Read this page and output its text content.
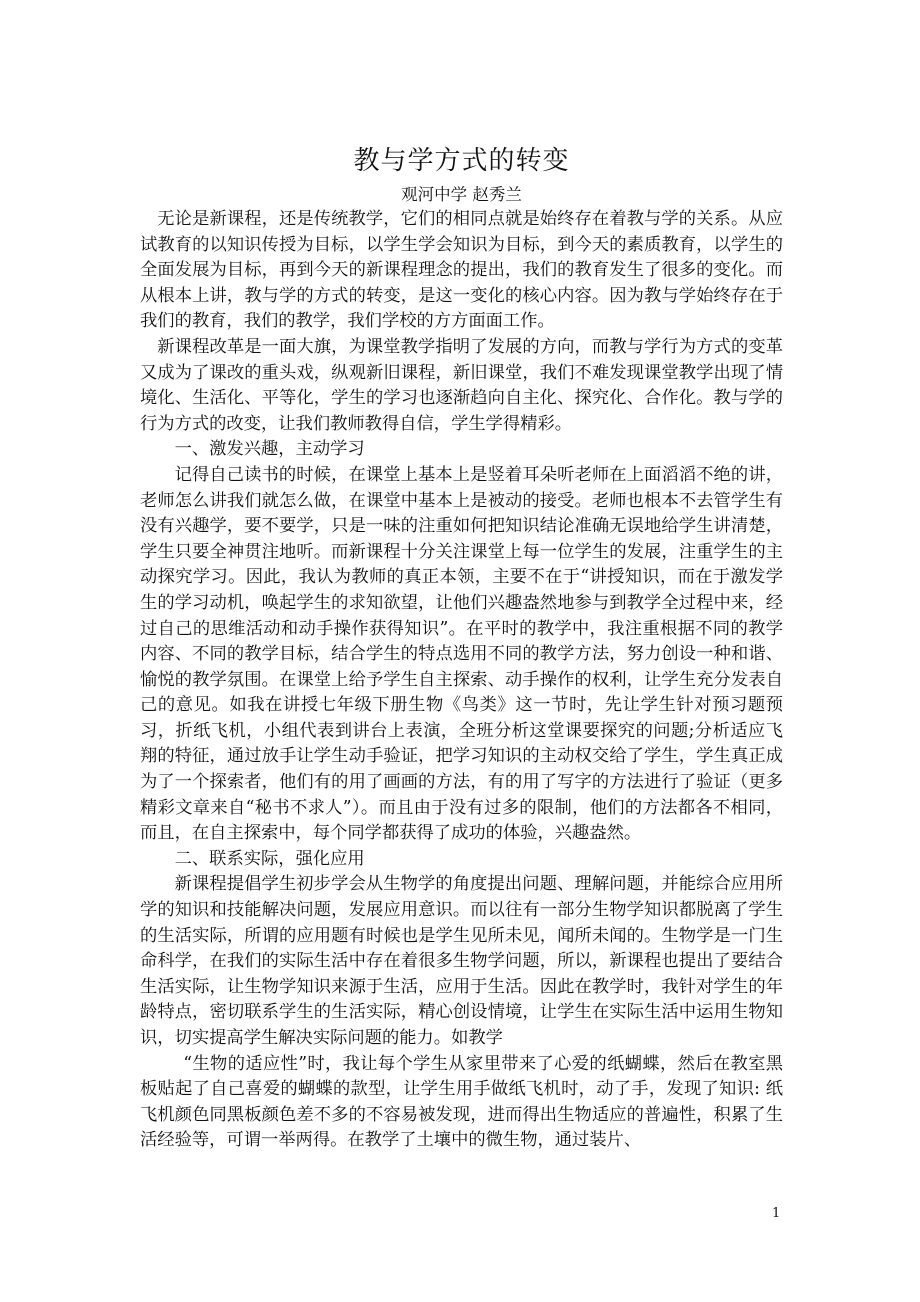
教与学方式的转变

观河中学 赵秀兰

无论是新课程，还是传统教学，它们的相同点就是始终存在着教与学的关系。从应试教育的以知识传授为目标，以学生学会知识为目标，到今天的素质教育，以学生的全面发展为目标，再到今天的新课程理念的提出，我们的教育发生了很多的变化。而从根本上讲，教与学的方式的转变，是这一变化的核心内容。因为教与学始终存在于我们的教育，我们的教学，我们学校的方方面面工作。

新课程改革是一面大旗，为课堂教学指明了发展的方向，而教与学行为方式的变革又成为了课改的重头戏，纵观新旧课程，新旧课堂，我们不难发现课堂教学出现了情境化、生活化、平等化，学生的学习也逐渐趋向自主化、探究化、合作化。教与学的行为方式的改变，让我们教师教得自信，学生学得精彩。

一、激发兴趣，主动学习

记得自己读书的时候，在课堂上基本上是竖着耳朵听老师在上面滔滔不绝的讲，老师怎么讲我们就怎么做，在课堂中基本上是被动的接受。老师也根本不去管学生有没有兴趣学，要不要学，只是一味的注重如何把知识结论准确无误地给学生讲清楚，学生只要全神贯注地听。而新课程十分关注课堂上每一位学生的发展，注重学生的主动探究学习。因此，我认为教师的真正本领，主要不在于“讲授知识，而在于激发学生的学习动机，唤起学生的求知欲望，让他们兴趣盎然地参与到教学全过程中来，经过自己的思维活动和动手操作获得知识”。在平时的教学中，我注重根据不同的教学内容、不同的教学目标，结合学生的特点选用不同的教学方法，努力创设一种和谐、愉悦的教学氛围。在课堂上给予学生自主探索、动手操作的权利，让学生充分发表自己的意见。如我在讲授七年级下册生物《鸟类》这一节时，先让学生针对预习题预习，折纸飞机，小组代表到讲台上表演，全班分析这堂课要探究的问题;分析适应飞翔的特征，通过放手让学生动手验证，把学习知识的主动权交给了学生，学生真正成为了一个探索者，他们有的用了画画的方法，有的用了写字的方法进行了验证（更多精彩文章来自“秘书不求人”）。而且由于没有过多的限制，他们的方法都各不相同，而且，在自主探索中，每个同学都获得了成功的体验，兴趣盎然。

二、联系实际，强化应用

新课程提倡学生初步学会从生物学的角度提出问题、理解问题，并能综合应用所学的知识和技能解决问题，发展应用意识。而以往有一部分生物学知识都脱离了学生的生活实际，所谓的应用题有时候也是学生见所未见，闻所未闻的。生物学是一门生命科学，在我们的实际生活中存在着很多生物学问题，所以，新课程也提出了要结合生活实际，让生物学知识来源于生活，应用于生活。因此在教学时，我针对学生的年龄特点，密切联系学生的生活实际，精心创设情境，让学生在实际生活中运用生物知识，切实提高学生解决实际问题的能力。如教学

“生物的适应性”时，我让每个学生从家里带来了心爱的纸蝴蝶，然后在教室黑板贴起了自己喜爱的蝴蝶的款型，让学生用手做纸飞机时，动了手，发现了知识: 纸飞机颜色同黑板颜色差不多的不容易被发现，进而得出生物适应的普遍性，积累了生活经验等，可谓一举两得。在教学了土壤中的微生物，通过装片、

1
